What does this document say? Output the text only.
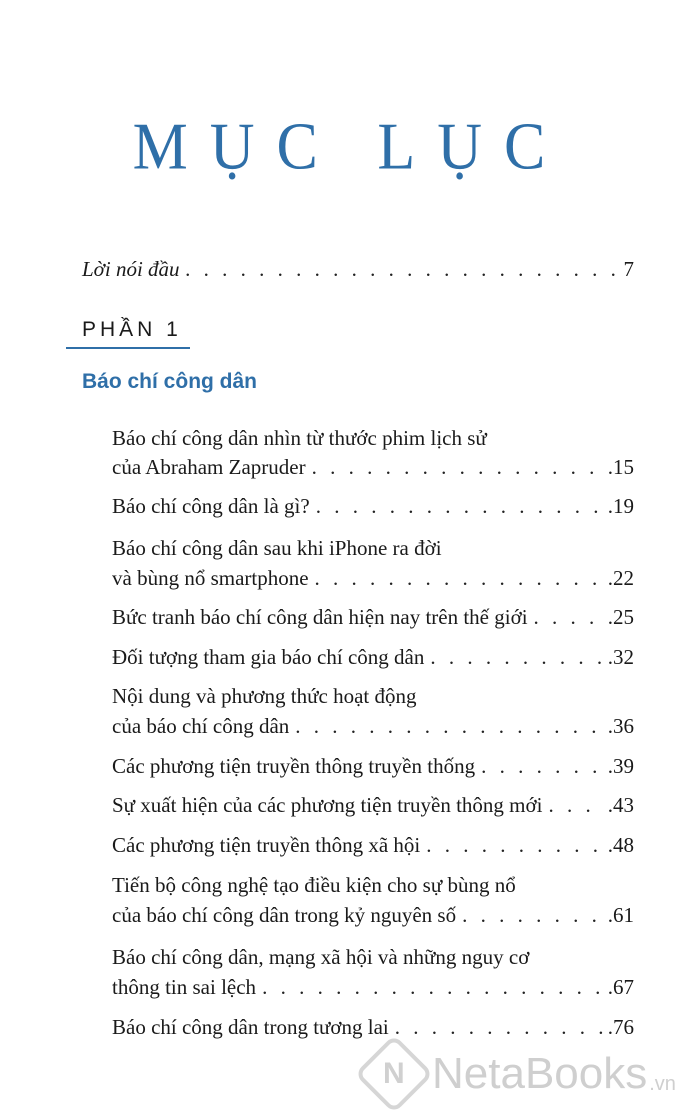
MỤC LỤC
Lời nói đầu . . .	7
PHẦN 1
Báo chí công dân
Báo chí công dân nhìn từ thước phim lịch sử
của Abraham Zapruder . . .	.15
Báo chí công dân là gì? . . .	.19
Báo chí công dân sau khi iPhone ra đời
và bùng nổ smartphone . . .	.22
Bức tranh báo chí công dân hiện nay trên thế giới . . .	.25
Đối tượng tham gia báo chí công dân . . .	.32
Nội dung và phương thức hoạt động
của báo chí công dân . . .	.36
Các phương tiện truyền thông truyền thống . . .	.39
Sự xuất hiện của các phương tiện truyền thông mới . . .	.43
Các phương tiện truyền thông xã hội . . .	.48
Tiến bộ công nghệ tạo điều kiện cho sự bùng nổ
của báo chí công dân trong kỷ nguyên số . . .	.61
Báo chí công dân, mạng xã hội và những nguy cơ
thông tin sai lệch . . .	.67
Báo chí công dân trong tương lai . . .	.76
N NetaBooks .vn
